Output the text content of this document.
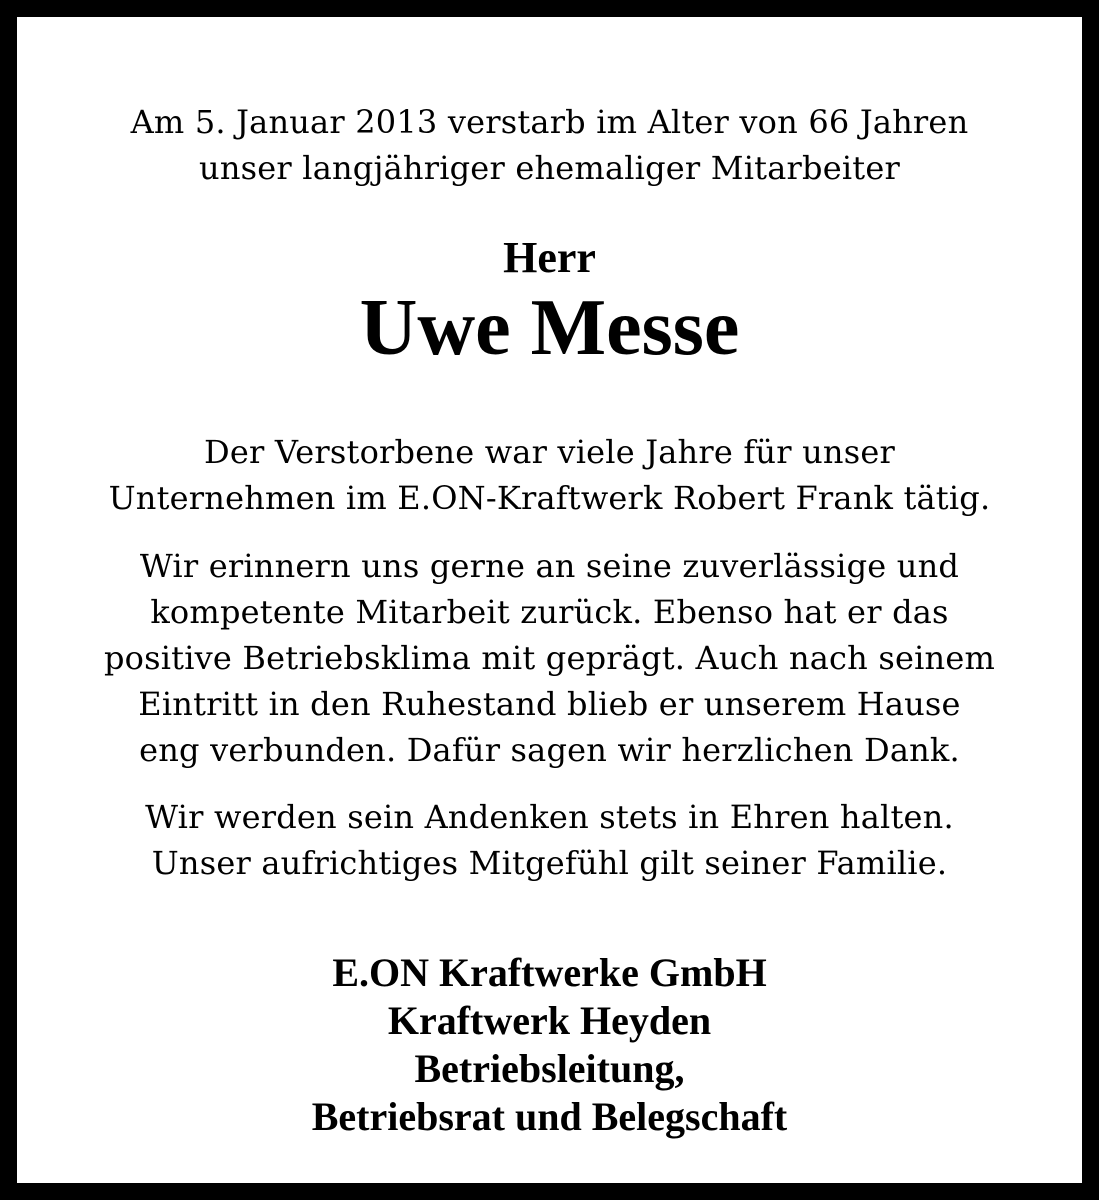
Am 5. Januar 2013 verstarb im Alter von 66 Jahren
unser langjähriger ehemaliger Mitarbeiter
Herr
Uwe Messe
Der Verstorbene war viele Jahre für unser
Unternehmen im E.ON-Kraftwerk Robert Frank tätig.
Wir erinnern uns gerne an seine zuverlässige und
kompetente Mitarbeit zurück. Ebenso hat er das
positive Betriebsklima mit geprägt. Auch nach seinem
Eintritt in den Ruhestand blieb er unserem Hause
eng verbunden. Dafür sagen wir herzlichen Dank.
Wir werden sein Andenken stets in Ehren halten.
Unser aufrichtiges Mitgefühl gilt seiner Familie.
E.ON Kraftwerke GmbH
Kraftwerk Heyden
Betriebsleitung,
Betriebsrat und Belegschaft
